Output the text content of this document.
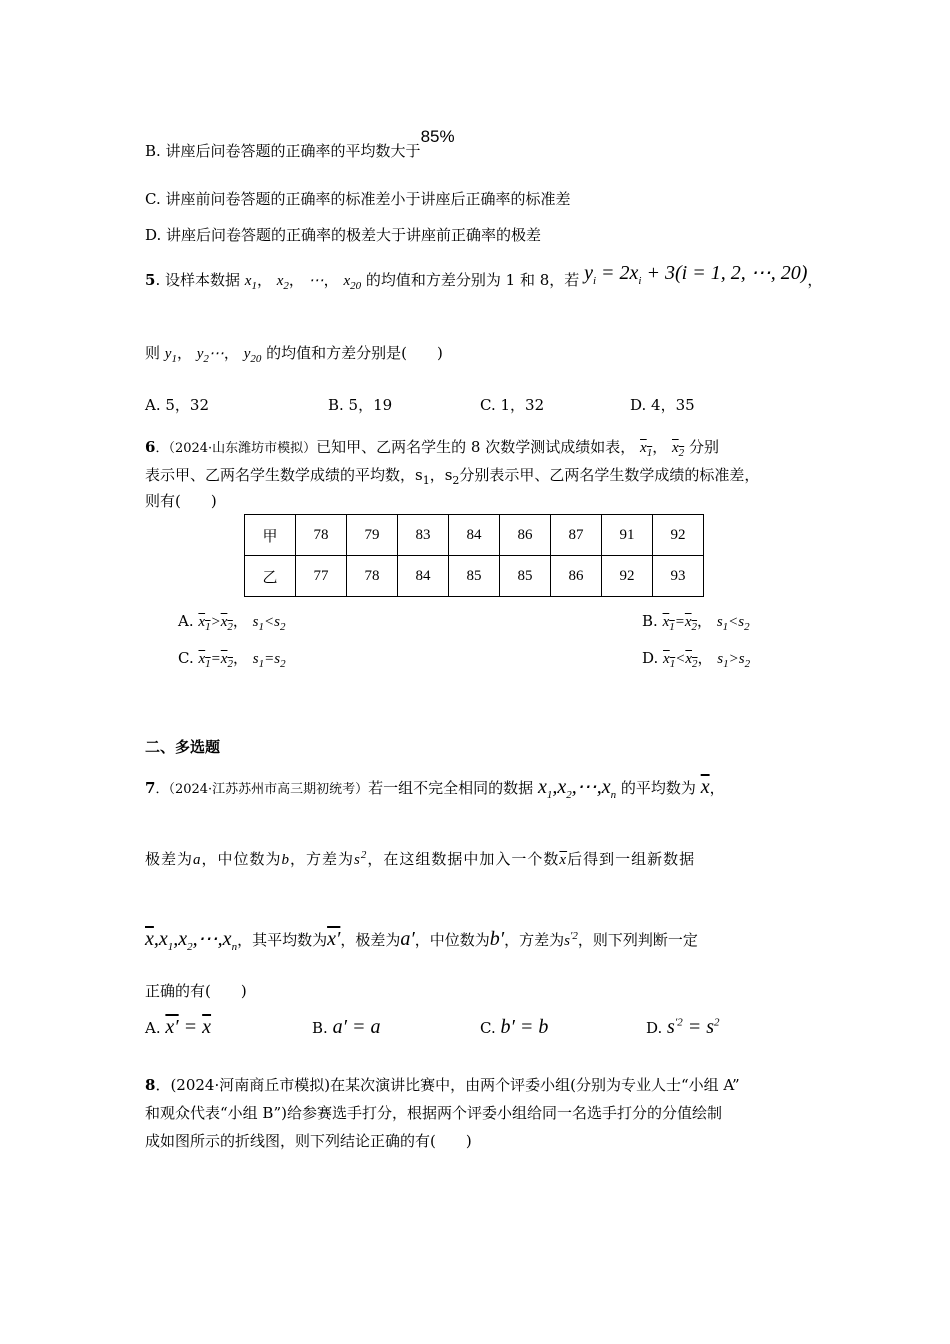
B. 讲座后问卷答题的正确率的平均数大于85%
C. 讲座前问卷答题的正确率的标准差小于讲座后正确率的标准差
D. 讲座后问卷答题的正确率的极差大于讲座前正确率的极差
5. 设样本数据 $x_1$， $x_2$， ⋯， $x_{20}$ 的均值和方差分别为 1 和 8，若 $y_i = 2x_i + 3(i = 1$, 2, ⋯, 20)，
则 $y_1$， $y_2\cdots$， $y_{20}$ 的均值和方差分别是(　　)
A. 5，32	B. 5，19	C. 1，32	D. 4，35
6．（2024·山东潍坊市模拟）已知甲、乙两名学生的 8 次数学测试成绩如表， $x_1$， $x_2$ 分别
表示甲、乙两名学生数学成绩的平均数，$s_1$，$s_2$分别表示甲、乙两名学生数学成绩的标准差，
则有(　　)
甲	78	79	83	84	86	87	91	92
乙	77	78	84	85	85	86	92	93
A. $x_1>x_2$， $s_1<s_2$	B. $x_1=x_2$， $s_1<s_2$
C. $x_1=x_2$， $s_1=s_2$	D. $x_1<x_2$， $s_1>s_2$
二、多选题
7．（2024·江苏苏州市高三期初统考）若一组不完全相同的数据 $x_1,x_2,\cdots,x_n$ 的平均数为 $\overline{x}$，
极差为a，中位数为b，方差为$s^2$，在这组数据中加入一个数$\overline{x}$后得到一组新数据
$\overline{x},x_1,x_2,\cdots,x_n$，其平均数为x′，极差为a′，中位数为b′，方差为$s^{'2}$，则下列判断一定
正确的有(　　)
A. $x' = \overline{x}$	B. a′ = a	C. b′ = b	D. $s^{'2} = s^2$
8．(2024·河南商丘市模拟)在某次演讲比赛中，由两个评委小组(分别为专业人士“小组 A”
和观众代表“小组 B”)给参赛选手打分，根据两个评委小组给同一名选手打分的分值绘制
成如图所示的折线图，则下列结论正确的有(　　)
